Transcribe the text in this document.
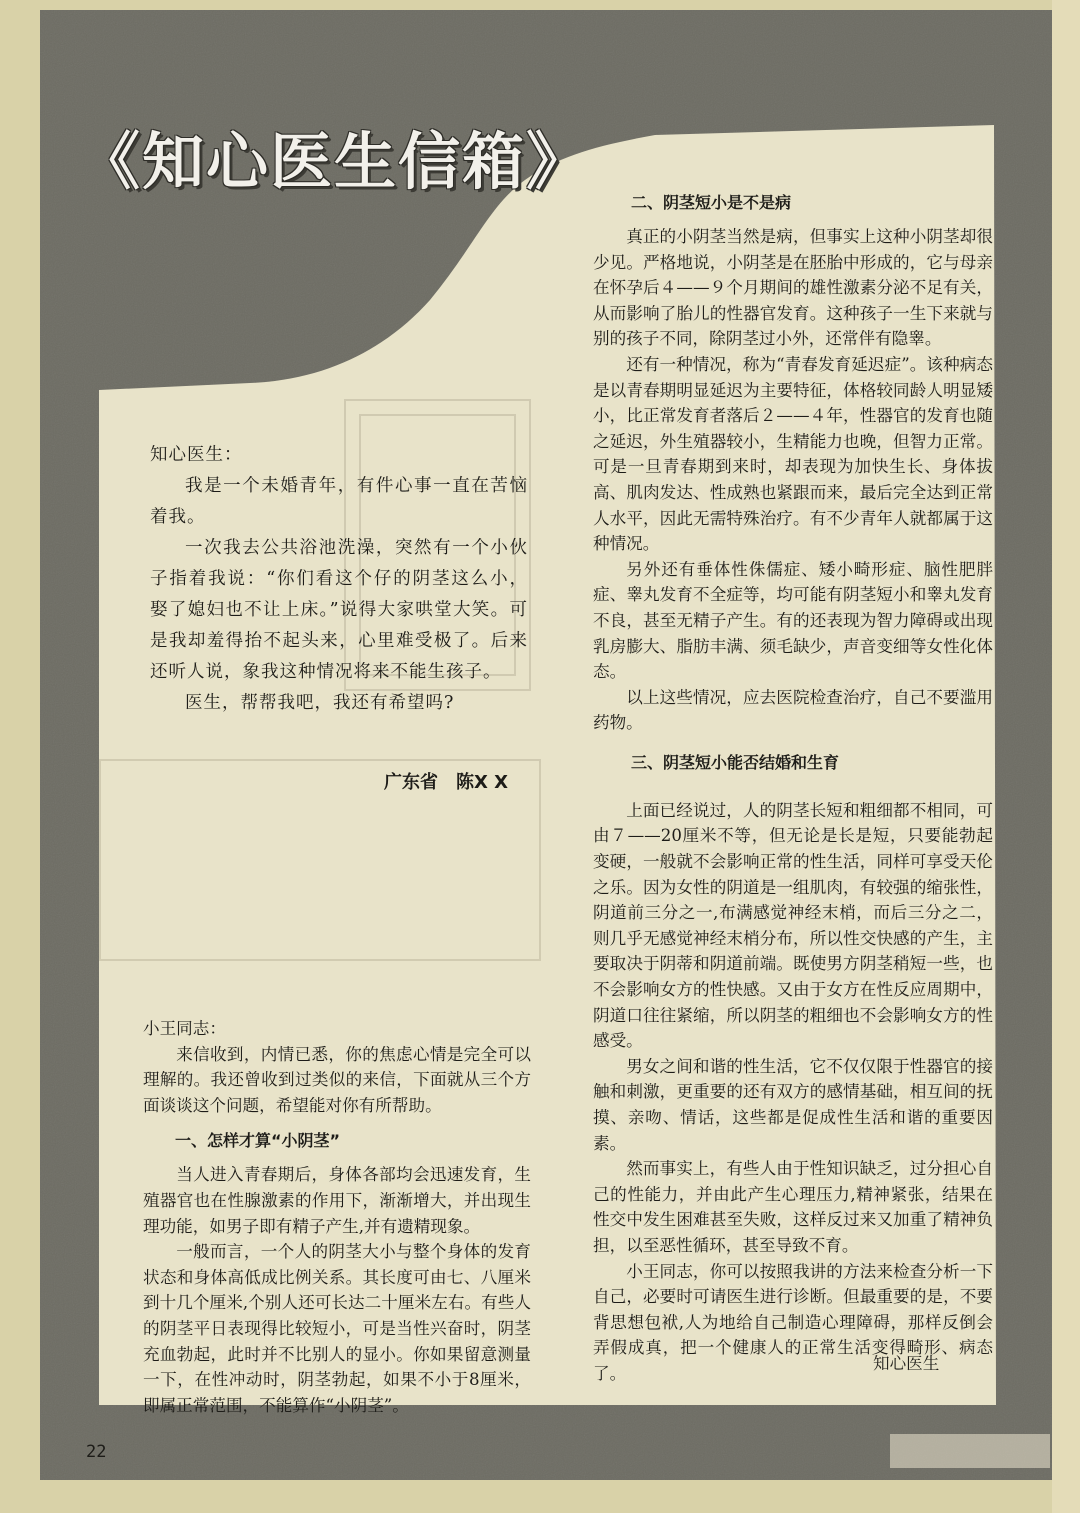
《知心医生信箱》

知心医生：

我是一个未婚青年，有件心事一直在苦恼着我。

一次我去公共浴池洗澡，突然有一个小伙子指着我说：“你们看这个仔的阴茎这么小，娶了媳妇也不让上床。”说得大家哄堂大笑。可是我却羞得抬不起头来，心里难受极了。后来还听人说，象我这种情况将来不能生孩子。

医生，帮帮我吧，我还有希望吗?

广东省　陈X X

小王同志：

来信收到，内情已悉，你的焦虑心情是完全可以理解的。我还曾收到过类似的来信，下面就从三个方面谈谈这个问题，希望能对你有所帮助。

一、怎样才算“小阴茎”

当人进入青春期后，身体各部均会迅速发育，生殖器官也在性腺激素的作用下，渐渐增大，并出现生理功能，如男子即有精子产生,并有遗精现象。

一般而言，一个人的阴茎大小与整个身体的发育状态和身体高低成比例关系。其长度可由七、八厘米到十几个厘米,个别人还可长达二十厘米左右。有些人的阴茎平日表现得比较短小，可是当性兴奋时，阴茎充血勃起，此时并不比别人的显小。你如果留意测量一下，在性冲动时，阴茎勃起，如果不小于8厘米，即属正常范围，不能算作“小阴茎”。

二、阴茎短小是不是病

真正的小阴茎当然是病，但事实上这种小阴茎却很少见。严格地说，小阴茎是在胚胎中形成的，它与母亲在怀孕后４——９个月期间的雄性激素分泌不足有关，从而影响了胎儿的性器官发育。这种孩子一生下来就与别的孩子不同，除阴茎过小外，还常伴有隐睾。

还有一种情况，称为“青春发育延迟症”。该种病态是以青春期明显延迟为主要特征，体格较同龄人明显矮小，比正常发育者落后２——４年，性器官的发育也随之延迟，外生殖器较小，生精能力也晚，但智力正常。可是一旦青春期到来时，却表现为加快生长、身体拔高、肌肉发达、性成熟也紧跟而来，最后完全达到正常人水平，因此无需特殊治疗。有不少青年人就都属于这种情况。

另外还有垂体性侏儒症、矮小畸形症、脑性肥胖症、睾丸发育不全症等，均可能有阴茎短小和睾丸发育不良，甚至无精子产生。有的还表现为智力障碍或出现乳房膨大、脂肪丰满、须毛缺少，声音变细等女性化体态。

以上这些情况，应去医院检查治疗，自己不要滥用药物。

三、阴茎短小能否结婚和生育

上面已经说过，人的阴茎长短和粗细都不相同，可由７——20厘米不等，但无论是长是短，只要能勃起变硬，一般就不会影响正常的性生活，同样可享受天伦之乐。因为女性的阴道是一组肌肉，有较强的缩张性，阴道前三分之一,布满感觉神经末梢，而后三分之二，则几乎无感觉神经末梢分布，所以性交快感的产生，主要取决于阴蒂和阴道前端。既使男方阴茎稍短一些，也不会影响女方的性快感。又由于女方在性反应周期中，阴道口往往紧缩，所以阴茎的粗细也不会影响女方的性感受。

男女之间和谐的性生活，它不仅仅限于性器官的接触和刺激，更重要的还有双方的感情基础，相互间的抚摸、亲吻、情话，这些都是促成性生活和谐的重要因素。

然而事实上，有些人由于性知识缺乏，过分担心自己的性能力，并由此产生心理压力,精神紧张，结果在性交中发生困难甚至失败，这样反过来又加重了精神负担，以至恶性循环，甚至导致不育。

小王同志，你可以按照我讲的方法来检查分析一下自己，必要时可请医生进行诊断。但最重要的是，不要背思想包袱,人为地给自己制造心理障碍，那样反倒会弄假成真，把一个健康人的正常生活变得畸形、病态了。

知心医生
22
